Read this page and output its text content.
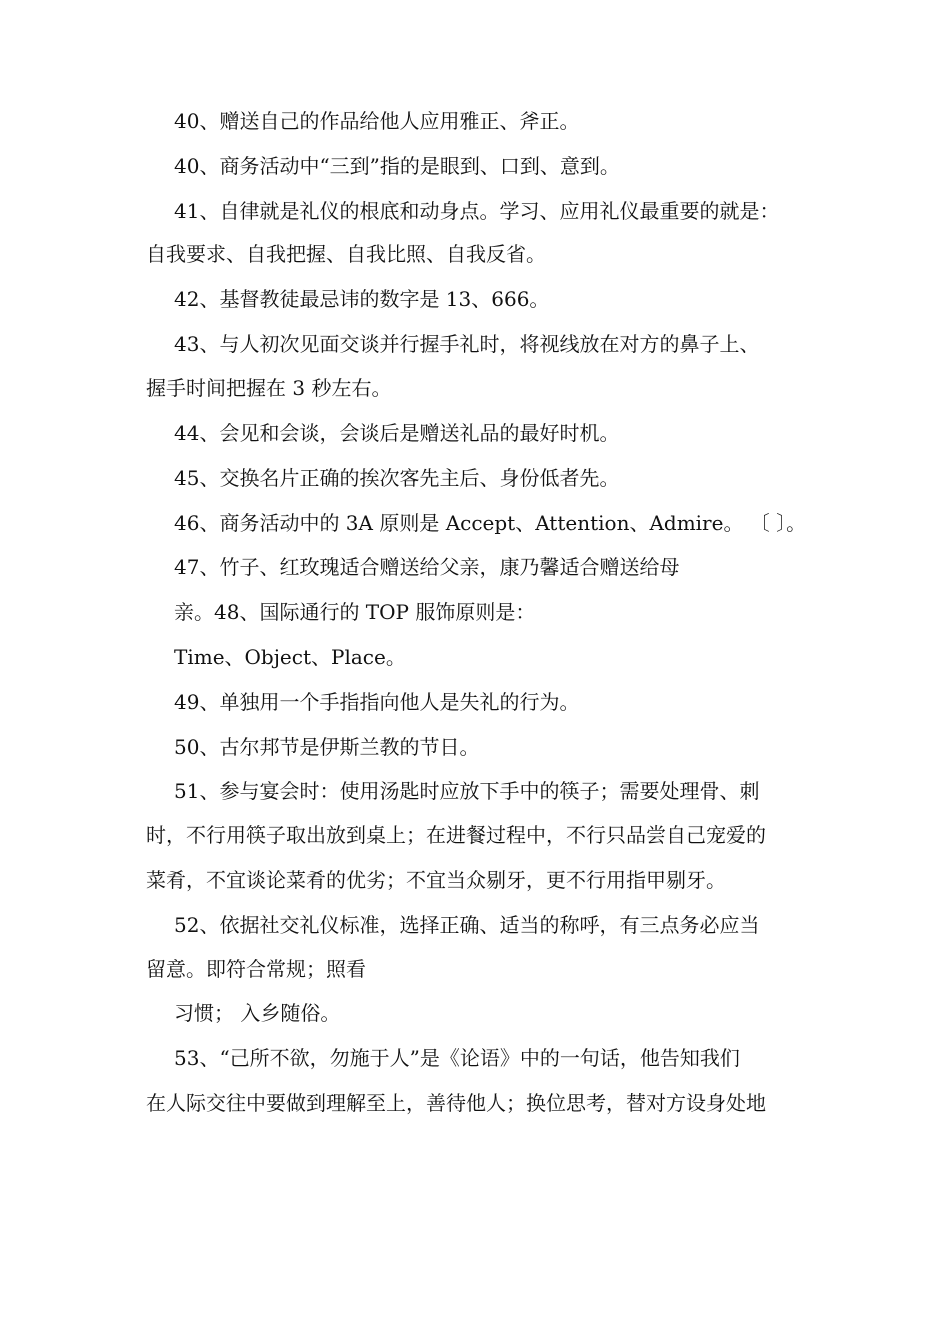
40、赠送自己的作品给他人应用雅正、斧正。
40、商务活动中“三到”指的是眼到、口到、意到。
41、自律就是礼仪的根底和动身点。学习、应用礼仪最重要的就是：
自我要求、自我把握、自我比照、自我反省。
42、基督教徒最忌讳的数字是 13、666。
43、与人初次见面交谈并行握手礼时，将视线放在对方的鼻子上、
握手时间把握在 3 秒左右。
44、会见和会谈，会谈后是赠送礼品的最好时机。
45、交换名片正确的挨次客先主后、身份低者先。
46、商务活动中的 3A 原则是 Accept、Attention、Admire。 〔 〕。
47、竹子、红玫瑰适合赠送给父亲，康乃馨适合赠送给母
亲。48、国际通行的 TOP 服饰原则是：
Time、Object、Place。
49、单独用一个手指指向他人是失礼的行为。
50、古尔邦节是伊斯兰教的节日。
51、参与宴会时：使用汤匙时应放下手中的筷子；需要处理骨、刺
时，不行用筷子取出放到桌上；在进餐过程中，不行只品尝自己宠爱的
菜肴，不宜谈论菜肴的优劣；不宜当众剔牙，更不行用指甲剔牙。
52、依据社交礼仪标准，选择正确、适当的称呼，有三点务必应当
留意。即符合常规；照看
习惯； 入乡随俗。
53、“己所不欲，勿施于人”是《论语》中的一句话，他告知我们
在人际交往中要做到理解至上，善待他人；换位思考，替对方设身处地
